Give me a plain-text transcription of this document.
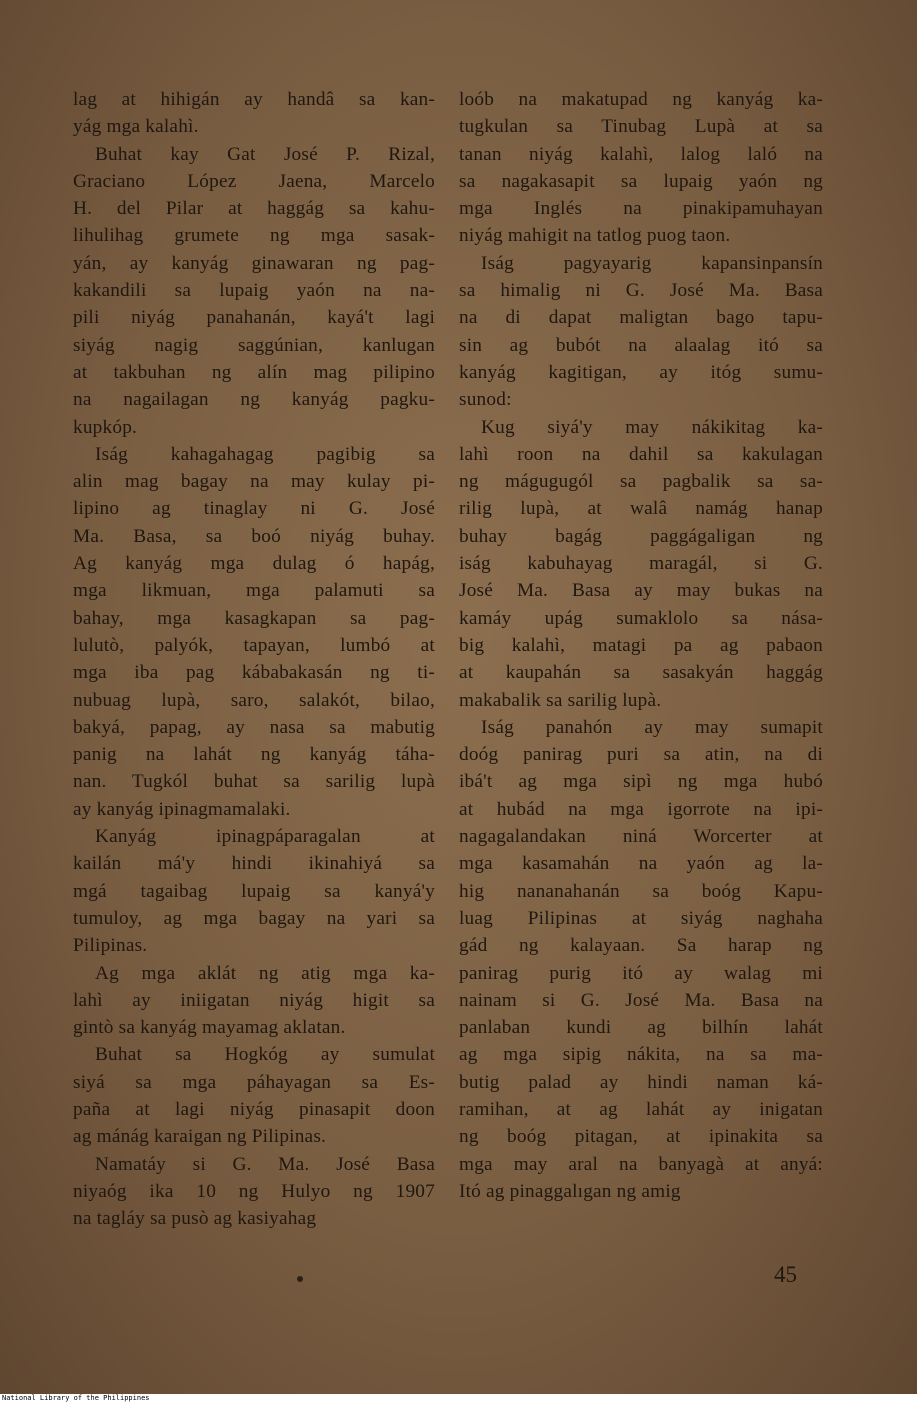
lag at hihigán ay handâ sa kan-
yág mga kalahì.
Buhat kay Gat José P. Rizal,
Graciano López Jaena, Marcelo
H. del Pilar at haggág sa kahu-
lihulihag grumete ng mga sasak-
yán, ay kanyág ginawaran ng pag-
kakandili sa lupaig yaón na na-
pili niyág panahanán, kayá't lagi
siyág nagig saggúnian, kanlugan
at takbuhan ng alín mag pilipino
na nagailagan ng kanyág pagku-
kupkóp.
Iság kahagahagag pagibig sa
alin mag bagay na may kulay pi-
lipino ag tinaglay ni G. José
Ma. Basa, sa boó niyág buhay.
Ag kanyág mga dulag ó hapág,
mga likmuan, mga palamuti sa
bahay, mga kasagkapan sa pag-
lulutò, palyók, tapayan, lumbó at
mga iba pag kábabakasán ng ti-
nubuag lupà, saro, salakót, bilao,
bakyá, papag, ay nasa sa mabutig
panig na lahát ng kanyág táha-
nan. Tugkól buhat sa sarilig lupà
ay kanyág ipinagmamalaki.
Kanyág ipinagpáparagalan at
kailán má'y hindi ikinahiyá sa
mgá tagaibag lupaig sa kanyá'y
tumuloy, ag mga bagay na yari sa
Pilipinas.
Ag mga aklát ng atig mga ka-
lahì ay iniigatan niyág higit sa
gintò sa kanyág mayamag aklatan.
Buhat sa Hogkóg ay sumulat
siyá sa mga páhayagan sa Es-
paña at lagi niyág pinasapit doon
ag mánág karaigan ng Pilipinas.
Namatáy si G. Ma. José Basa
niyaóg ika 10 ng Hulyo ng 1907
na tagláy sa pusò ag kasiyahag
loób na makatupad ng kanyág ka-
tugkulan sa Tinubag Lupà at sa
tanan niyág kalahì, lalog laló na
sa nagakasapit sa lupaig yaón ng
mga Inglés na pinakipamuhayan
niyág mahigit na tatlog puog taon.
Iság pagyayarig kapansinpansín
sa himalig ni G. José Ma. Basa
na di dapat maligtan bago tapu-
sin ag bubót na alaalag itó sa
kanyág kagitigan, ay itóg sumu-
sunod:
Kug siyá'y may nákikitag ka-
lahì roon na dahil sa kakulagan
ng mágugugól sa pagbalik sa sa-
rilig lupà, at walâ namág hanap
buhay bagág paggágaligan ng
iság kabuhayag maragál, si G.
José Ma. Basa ay may bukas na
kamáy upág sumaklolo sa nása-
big kalahì, matagi pa ag pabaon
at kaupahán sa sasakyán haggág
makabalik sa sarilig lupà.
Iság panahón ay may sumapit
doóg panirag puri sa atin, na di
ibá't ag mga sipì ng mga hubó
at hubád na mga igorrote na ipi-
nagagalandakan niná Worcerter at
mga kasamahán na yaón ag la-
hig nananahanán sa boóg Kapu-
luag Pilipinas at siyág naghaha
gád ng kalayaan. Sa harap ng
panirag purig itó ay walag mi
nainam si G. José Ma. Basa na
panlaban kundi ag bilhín lahát
ag mga sipig nákita, na sa ma-
butig palad ay hindi naman ká-
ramihan, at ag lahát ay inigatan
ng boóg pitagan, at ipinakita sa
mga may aral na banyagà at anyá:
Itó ag pinaggalıgan ng amig
45
National Library of the Philippines
